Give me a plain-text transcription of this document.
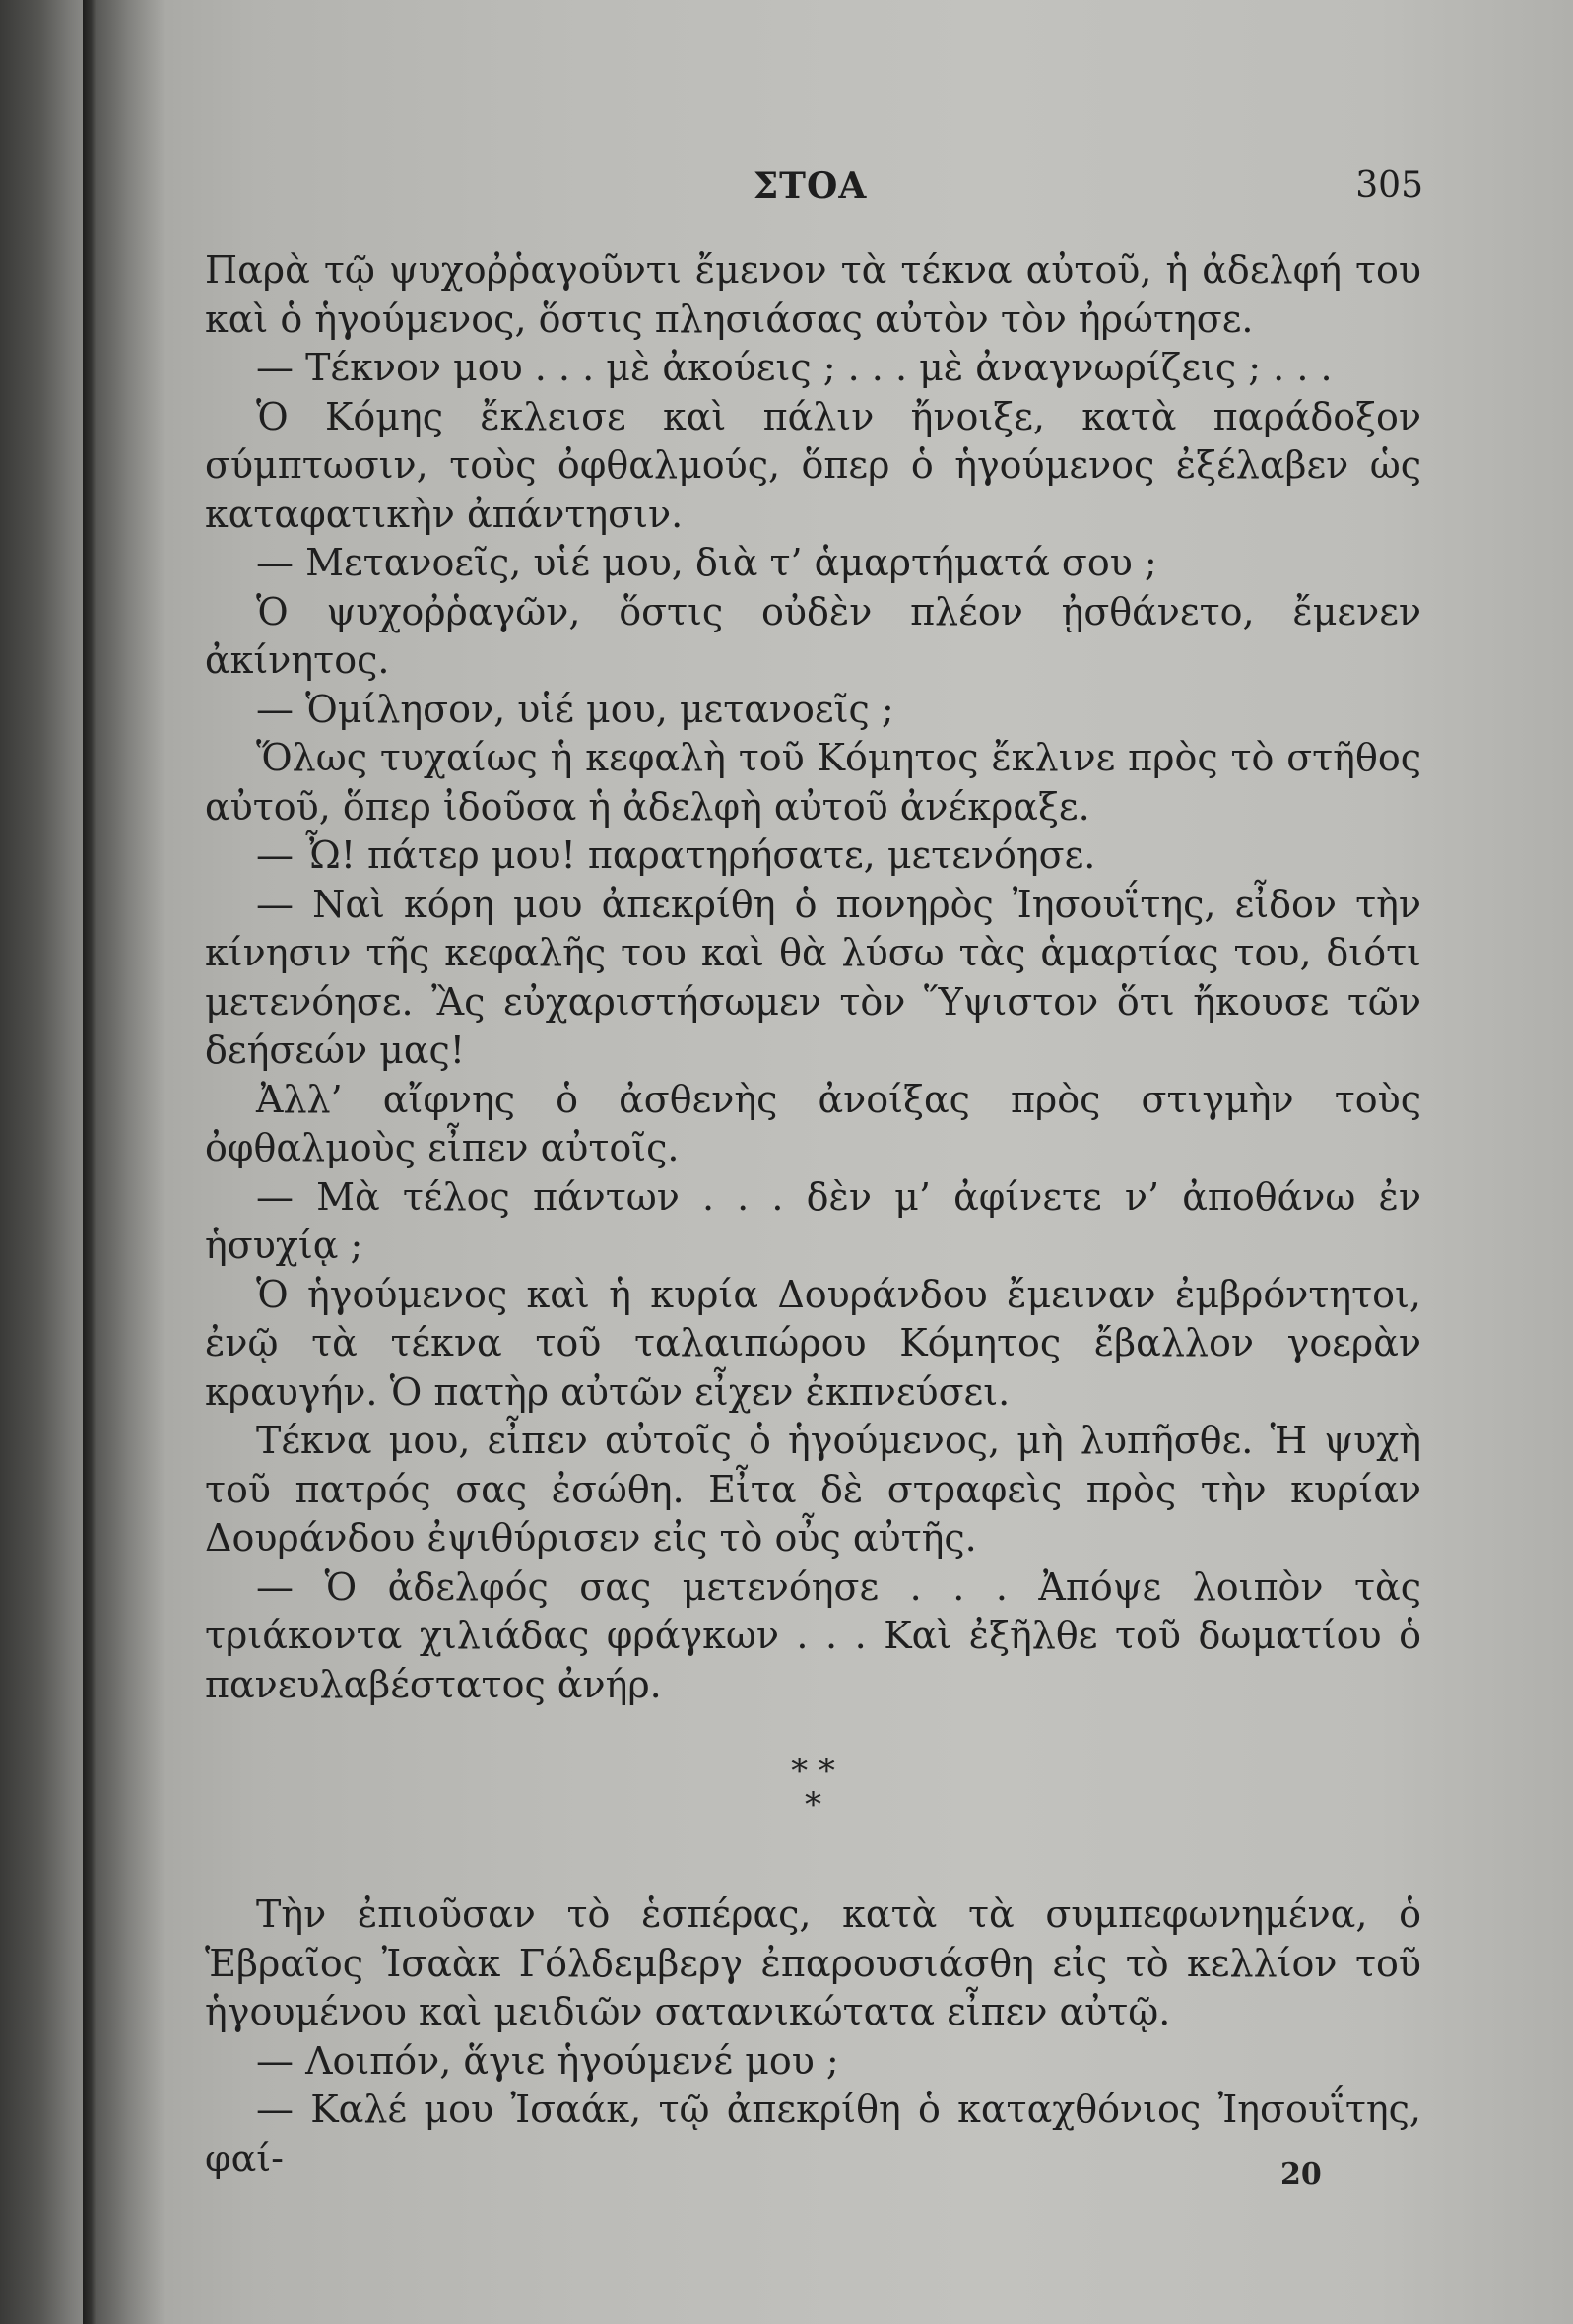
ΣΤΟΑ	305

Παρὰ τῷ ψυχοῤῥαγοῦντι ἔμενον τὰ τέκνα αὐτοῦ, ἡ ἀδελφή του καὶ ὁ ἡγούμενος, ὅστις πλησιάσας αὐτὸν τὸν ἠρώτησε.

— Τέκνον μου . . . μὲ ἀκούεις ; . . . μὲ ἀναγνωρίζεις ; . . .

Ὁ Κόμης ἔκλεισε καὶ πάλιν ἤνοιξε, κατὰ παράδοξον σύμπτωσιν, τοὺς ὀφθαλμούς, ὅπερ ὁ ἡγούμενος ἐξέλαβεν ὡς καταφατικὴν ἀπάντησιν.

— Μετανοεῖς, υἱέ μου, διὰ τ’ ἁμαρτήματά σου ;

Ὁ ψυχοῤῥαγῶν, ὅστις οὐδὲν πλέον ᾐσθάνετο, ἔμενεν ἀκίνητος.

— Ὁμίλησον, υἱέ μου, μετανοεῖς ;

Ὅλως τυχαίως ἡ κεφαλὴ τοῦ Κόμητος ἔκλινε πρὸς τὸ στῆθος αὐτοῦ, ὅπερ ἰδοῦσα ἡ ἀδελφὴ αὐτοῦ ἀνέκραξε.

— Ὦ! πάτερ μου! παρατηρήσατε, μετενόησε.

— Ναὶ κόρη μου ἀπεκρίθη ὁ πονηρὸς Ἰησουΐτης, εἶδον τὴν κίνησιν τῆς κεφαλῆς του καὶ θὰ λύσω τὰς ἁμαρτίας του, διότι μετενόησε. Ἂς εὐχαριστήσωμεν τὸν Ὕψιστον ὅτι ἤκουσε τῶν δεήσεών μας!

Ἀλλ’ αἴφνης ὁ ἀσθενὴς ἀνοίξας πρὸς στιγμὴν τοὺς ὀφθαλμοὺς εἶπεν αὐτοῖς.

— Μὰ τέλος πάντων . . . δὲν μ’ ἀφίνετε ν’ ἀποθάνω ἐν ἡσυχίᾳ ;

Ὁ ἡγούμενος καὶ ἡ κυρία Δουράνδου ἔμειναν ἐμβρόντητοι, ἐνῷ τὰ τέκνα τοῦ ταλαιπώρου Κόμητος ἔβαλλον γοερὰν κραυγήν. Ὁ πατὴρ αὐτῶν εἶχεν ἐκπνεύσει.

Τέκνα μου, εἶπεν αὐτοῖς ὁ ἡγούμενος, μὴ λυπῆσθε. Ἡ ψυχὴ τοῦ πατρός σας ἐσώθη. Εἶτα δὲ στραφεὶς πρὸς τὴν κυρίαν Δουράνδου ἐψιθύρισεν εἰς τὸ οὖς αὐτῆς.

— Ὁ ἀδελφός σας μετενόησε . . . Ἀπόψε λοιπὸν τὰς τριάκοντα χιλιάδας φράγκων . . . Καὶ ἐξῆλθε τοῦ δωματίου ὁ πανευλαβέστατος ἀνήρ.

* *
*

Τὴν ἐπιοῦσαν τὸ ἑσπέρας, κατὰ τὰ συμπεφωνημένα, ὁ Ἑβραῖος Ἰσαὰκ Γόλδεμβεργ ἐπαρουσιάσθη εἰς τὸ κελλίον τοῦ ἡγουμένου καὶ μειδιῶν σατανικώτατα εἶπεν αὐτῷ.

— Λοιπόν, ἅγιε ἡγούμενέ μου ;

— Καλέ μου Ἰσαάκ, τῷ ἀπεκρίθη ὁ καταχθόνιος Ἰησουΐτης, φαί-	20
